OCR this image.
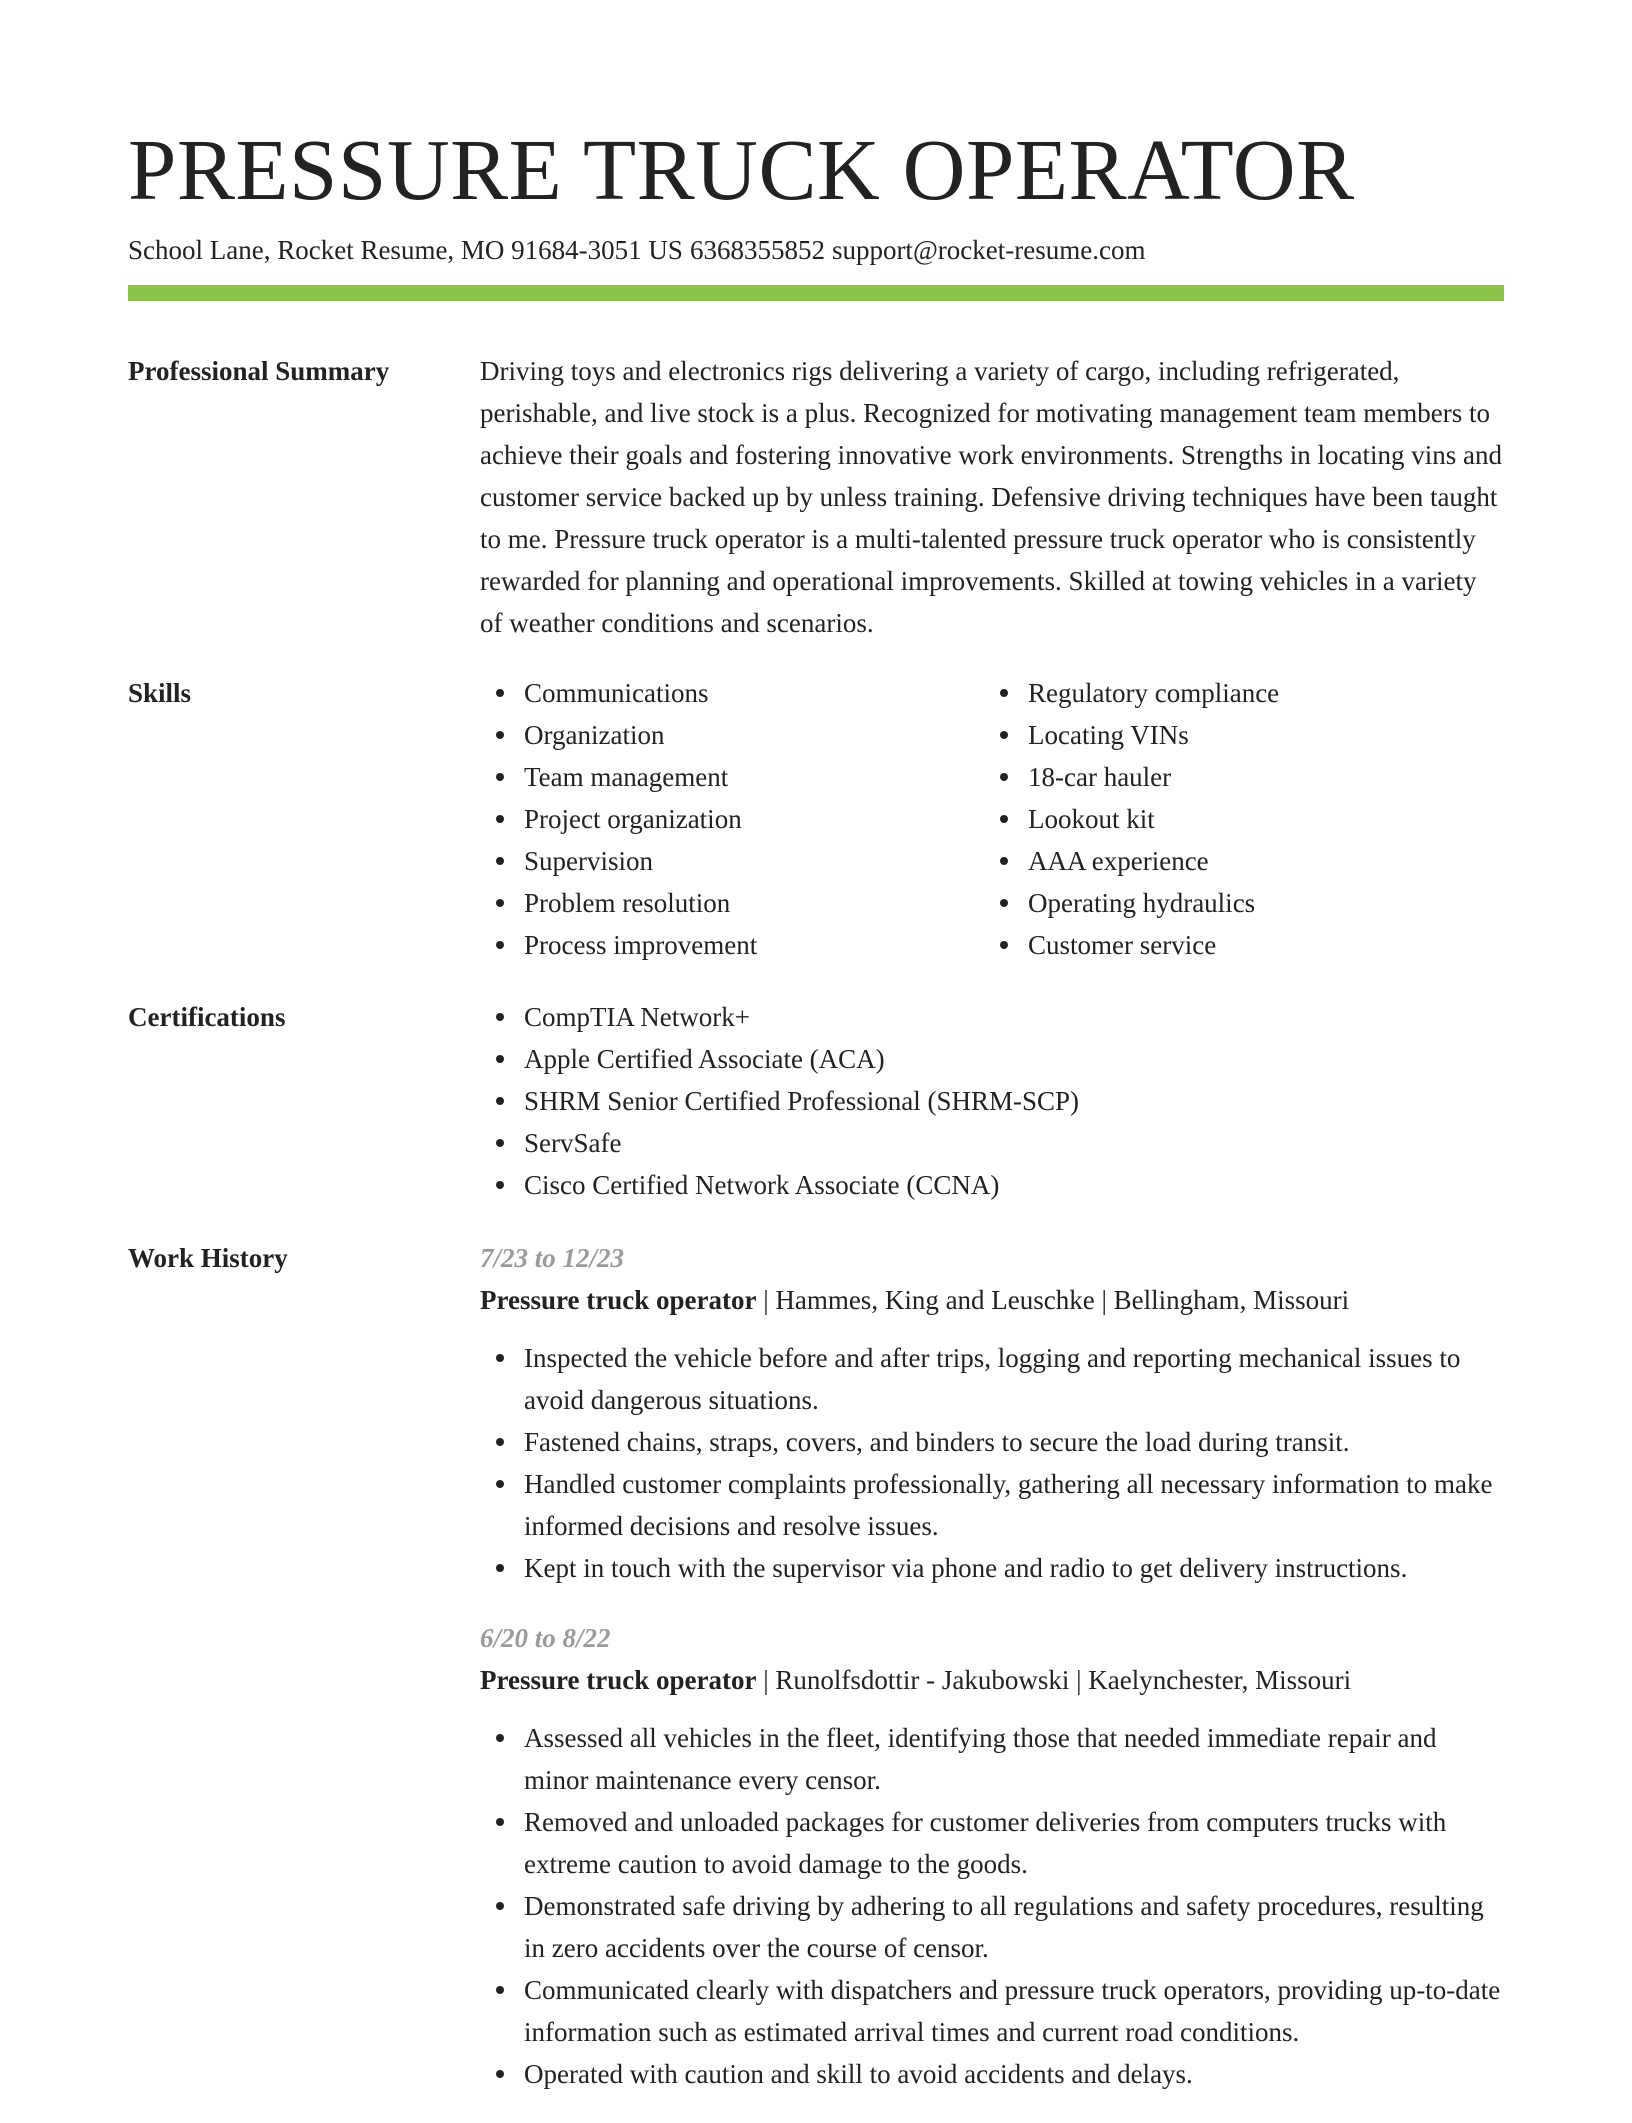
PRESSURE TRUCK OPERATOR
School Lane, Rocket Resume, MO 91684-3051 US 6368355852 support@rocket-resume.com
Professional Summary	Driving toys and electronics rigs delivering a variety of cargo, including refrigerated, perishable, and live stock is a plus. Recognized for motivating management team members to achieve their goals and fostering innovative work environments. Strengths in locating vins and customer service backed up by unless training. Defensive driving techniques have been taught to me. Pressure truck operator is a multi-talented pressure truck operator who is consistently rewarded for planning and operational improvements. Skilled at towing vehicles in a variety of weather conditions and scenarios.
Skills	Communications
Organization
Team management
Project organization
Supervision
Problem resolution
Process improvement
Regulatory compliance
Locating VINs
18-car hauler
Lookout kit
AAA experience
Operating hydraulics
Customer service
Certifications	CompTIA Network+
Apple Certified Associate (ACA)
SHRM Senior Certified Professional (SHRM-SCP)
ServSafe
Cisco Certified Network Associate (CCNA)
Work History	7/23 to 12/23
Pressure truck operator | Hammes, King and Leuschke | Bellingham, Missouri
Inspected the vehicle before and after trips, logging and reporting mechanical issues to avoid dangerous situations.
Fastened chains, straps, covers, and binders to secure the load during transit.
Handled customer complaints professionally, gathering all necessary information to make informed decisions and resolve issues.
Kept in touch with the supervisor via phone and radio to get delivery instructions.
6/20 to 8/22
Pressure truck operator | Runolfsdottir - Jakubowski | Kaelynchester, Missouri
Assessed all vehicles in the fleet, identifying those that needed immediate repair and minor maintenance every censor.
Removed and unloaded packages for customer deliveries from computers trucks with extreme caution to avoid damage to the goods.
Demonstrated safe driving by adhering to all regulations and safety procedures, resulting in zero accidents over the course of censor.
Communicated clearly with dispatchers and pressure truck operators, providing up-to-date information such as estimated arrival times and current road conditions.
Operated with caution and skill to avoid accidents and delays.
